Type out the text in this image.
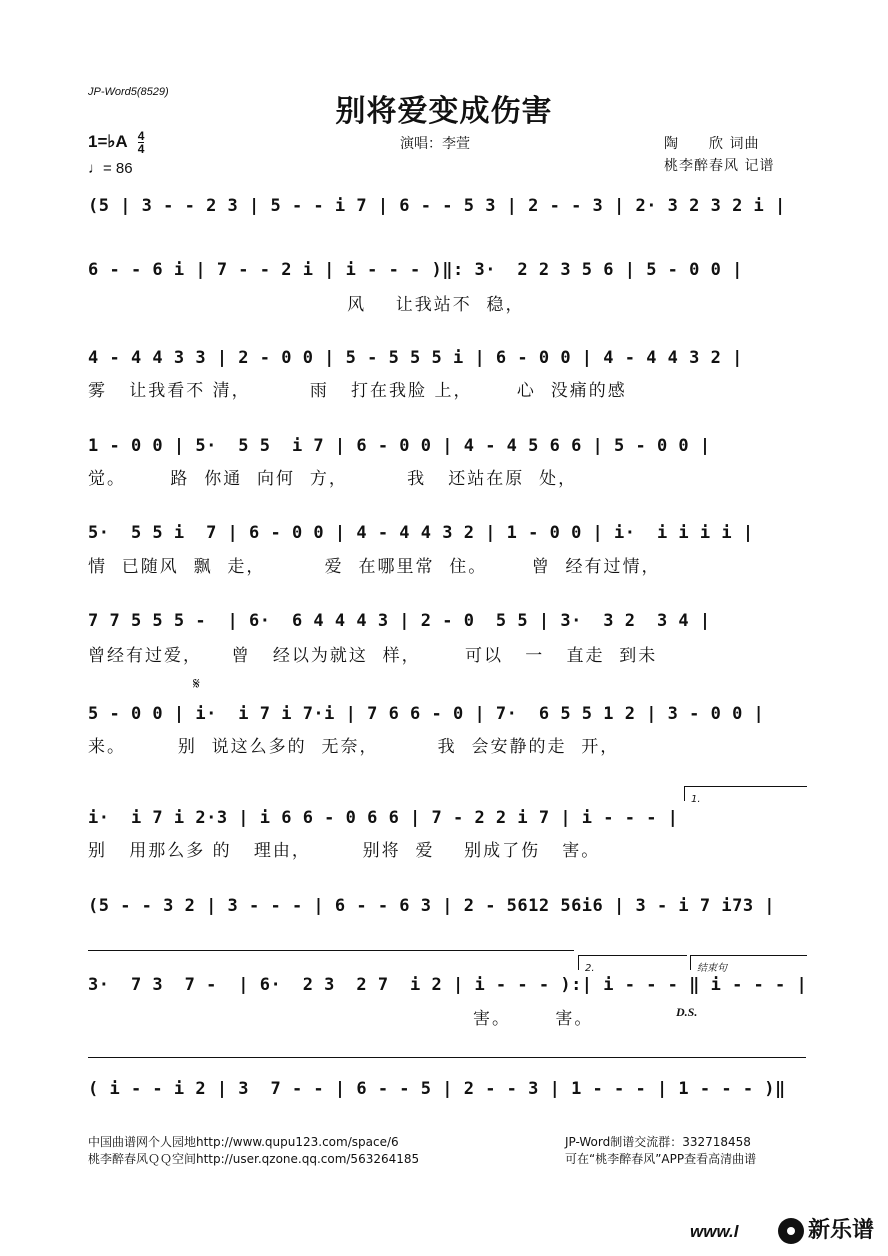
JP-Word5(8529)
别将爱变成伤害
1=♭A $\frac{4}{4}$
♩= 86
演唱：李萱	陶　　欣 词曲
桃李醉春风 记谱
(5 | 3 - - 2 3 | 5 - - i 7 | 6 - - 5 3 | 2 - - 3 | 2· 3 2 3 2 i |
6 - - 6 i | 7 - - 2 i | i - - - )‖: 3·  2 2 3 5 6 | 5 - 0 0 |
风    让我站不  稳，
4 - 4 4 3 3 | 2 - 0 0 | 5 - 5 5 5 i | 6 - 0 0 | 4 - 4 4 3 2 |
雾   让我看不 清，        雨   打在我脸 上，      心  没痛的感
1 - 0 0 | 5·  5 5  i 7 | 6 - 0 0 | 4 - 4 5 6 6 | 5 - 0 0 |
觉。      路  你通  向何  方，        我   还站在原  处，
5·  5 5 i  7 | 6 - 0 0 | 4 - 4 4 3 2 | 1 - 0 0 | i·  i i i i |
情  已随风  飘  走，        爱  在哪里常  住。      曾  经有过情，
7 7 5 5 5 -  | 6·  6 4 4 4 3 | 2 - 0  5 5 | 3·  3 2  3 4 |
曾经有过爱，    曾   经以为就这  样，      可以   一   直走  到未
𝄋
5 - 0 0 | i·  i 7 i 7·i | 7 6 6 - 0 | 7·  6 5 5 1 2 | 3 - 0 0 |
来。       别  说这么多的  无奈，        我  会安静的走  开，
1.
i·  i 7 i 2·3 | i 6 6 - 0 6 6 | 7 - 2 2 i 7 | i - - - |
别   用那么多 的   理由，       别将  爱    别成了伤   害。
(5 - - 3 2 | 3 - - - | 6 - - 6 3 | 2 - 5612 56i6 | 3 - i 7 i73 |
2.	结束句
3·  7 3  7 -  | 6·  2 3  2 7  i 2 | i - - - ):| i - - - ‖ i - - - |
害。      害。	D.S.
( i - - i 2 | 3  7 - - | 6 - - 5 | 2 - - 3 | 1 - - - | 1 - - - )‖
中国曲谱网个人园地http://www.qupu123.com/space/6
桃李醉春风ＱＱ空间http://user.qzone.qq.com/563264185
JP-Word制谱交流群：332718458
可在“桃李醉春风”APP查看高清曲谱
www.l	新乐谱
